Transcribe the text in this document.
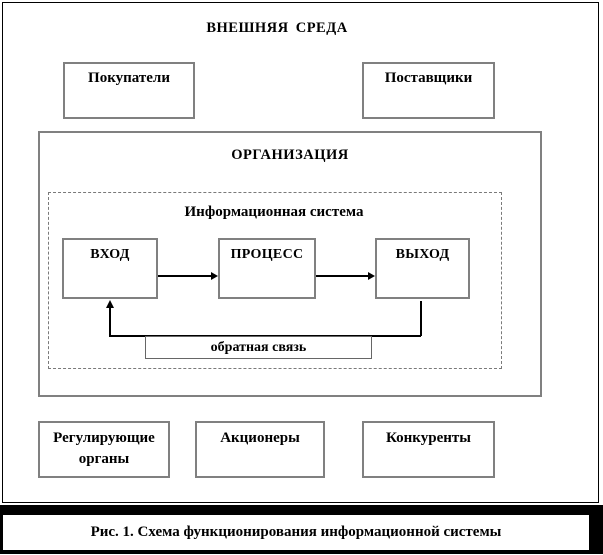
ВНЕШНЯЯ СРЕДА
Покупатели	Поставщики
ОРГАНИЗАЦИЯ
Информационная система
ВХОД	ПРОЦЕСС	ВЫХОД
обратная связь
Регулирующие органы
Акционеры	Конкуренты
Рис. 1. Схема функционирования информационной системы
